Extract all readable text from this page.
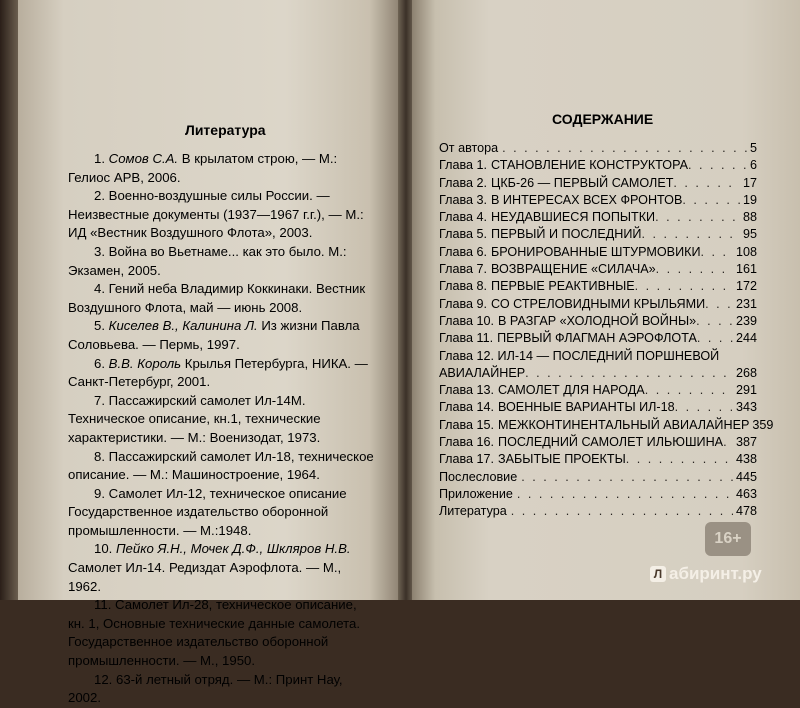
Литература
1. Сомов С.А. В крылатом строю, — М.: Гелиос АРВ, 2006.
2. Военно-воздушные силы России. — Неизвестные документы (1937—1967 г.г.), — М.: ИД «Вестник Воздушного Флота», 2003.
3. Война во Вьетнаме... как это было. М.: Экзамен, 2005.
4. Гений неба Владимир Коккинаки. Вестник Воздушного Флота, май — июнь 2008.
5. Киселев В., Калинина Л. Из жизни Павла Соловьева. — Пермь, 1997.
6. В.В. Король Крылья Петербурга, НИКА. — Санкт-Петербург, 2001.
7. Пассажирский самолет Ил-14М. Техническое описание, кн.1, технические характеристики. — М.: Военизодат, 1973.
8. Пассажирский самолет Ил-18, техническое описание. — М.: Машиностроение, 1964.
9. Самолет Ил-12, техническое описание Государственное издательство оборонной промышленности. — М.:1948.
10. Пейко Я.Н., Мочек Д.Ф., Шкляров Н.В. Самолет Ил-14. Редиздат Аэрофлота. — М., 1962.
11. Самолет Ил-28, техническое описание, кн. 1, Основные технические данные самолета. Государственное издательство оборонной промышленности. — М., 1950.
12. 63-й летный отряд. — М.: Принт Нау, 2002.
СОДЕРЖАНИЕ
От автора . . .	5
Глава 1. СТАНОВЛЕНИЕ КОНСТРУКТОРА . . .	6
Глава 2. ЦКБ-26 — ПЕРВЫЙ САМОЛЕТ . . .	17
Глава 3. В ИНТЕРЕСАХ ВСЕХ ФРОНТОВ . . .	19
Глава 4. НЕУДАВШИЕСЯ ПОПЫТКИ . . .	88
Глава 5. ПЕРВЫЙ И ПОСЛЕДНИЙ . . .	95
Глава 6. БРОНИРОВАННЫЕ ШТУРМОВИКИ . . .	108
Глава 7. ВОЗВРАЩЕНИЕ «СИЛАЧА» . . .	161
Глава 8. ПЕРВЫЕ РЕАКТИВНЫЕ . . .	172
Глава 9. СО СТРЕЛОВИДНЫМИ КРЫЛЬЯМИ . . . 231
Глава 10. В РАЗГАР «ХОЛОДНОЙ ВОЙНЫ» . . .	239
Глава 11. ПЕРВЫЙ ФЛАГМАН АЭРОФЛОТА . . .	244
Глава 12. ИЛ-14 — ПОСЛЕДНИЙ ПОРШНЕВОЙ
АВИАЛАЙНЕР . . .	268
Глава 13. САМОЛЕТ ДЛЯ НАРОДА . . .	291
Глава 14. ВОЕННЫЕ ВАРИАНТЫ ИЛ-18 . . .	343
Глава 15. МЕЖКОНТИНЕНТАЛЬНЫЙ АВИАЛАЙНЕР 359
Глава 16. ПОСЛЕДНИЙ САМОЛЕТ ИЛЬЮШИНА . . . 387
Глава 17. ЗАБЫТЫЕ ПРОЕКТЫ . . .	438
Послесловие . . .	445
Приложение . . .	463
Литература . . .	478
16+
Л абиринт.ру
